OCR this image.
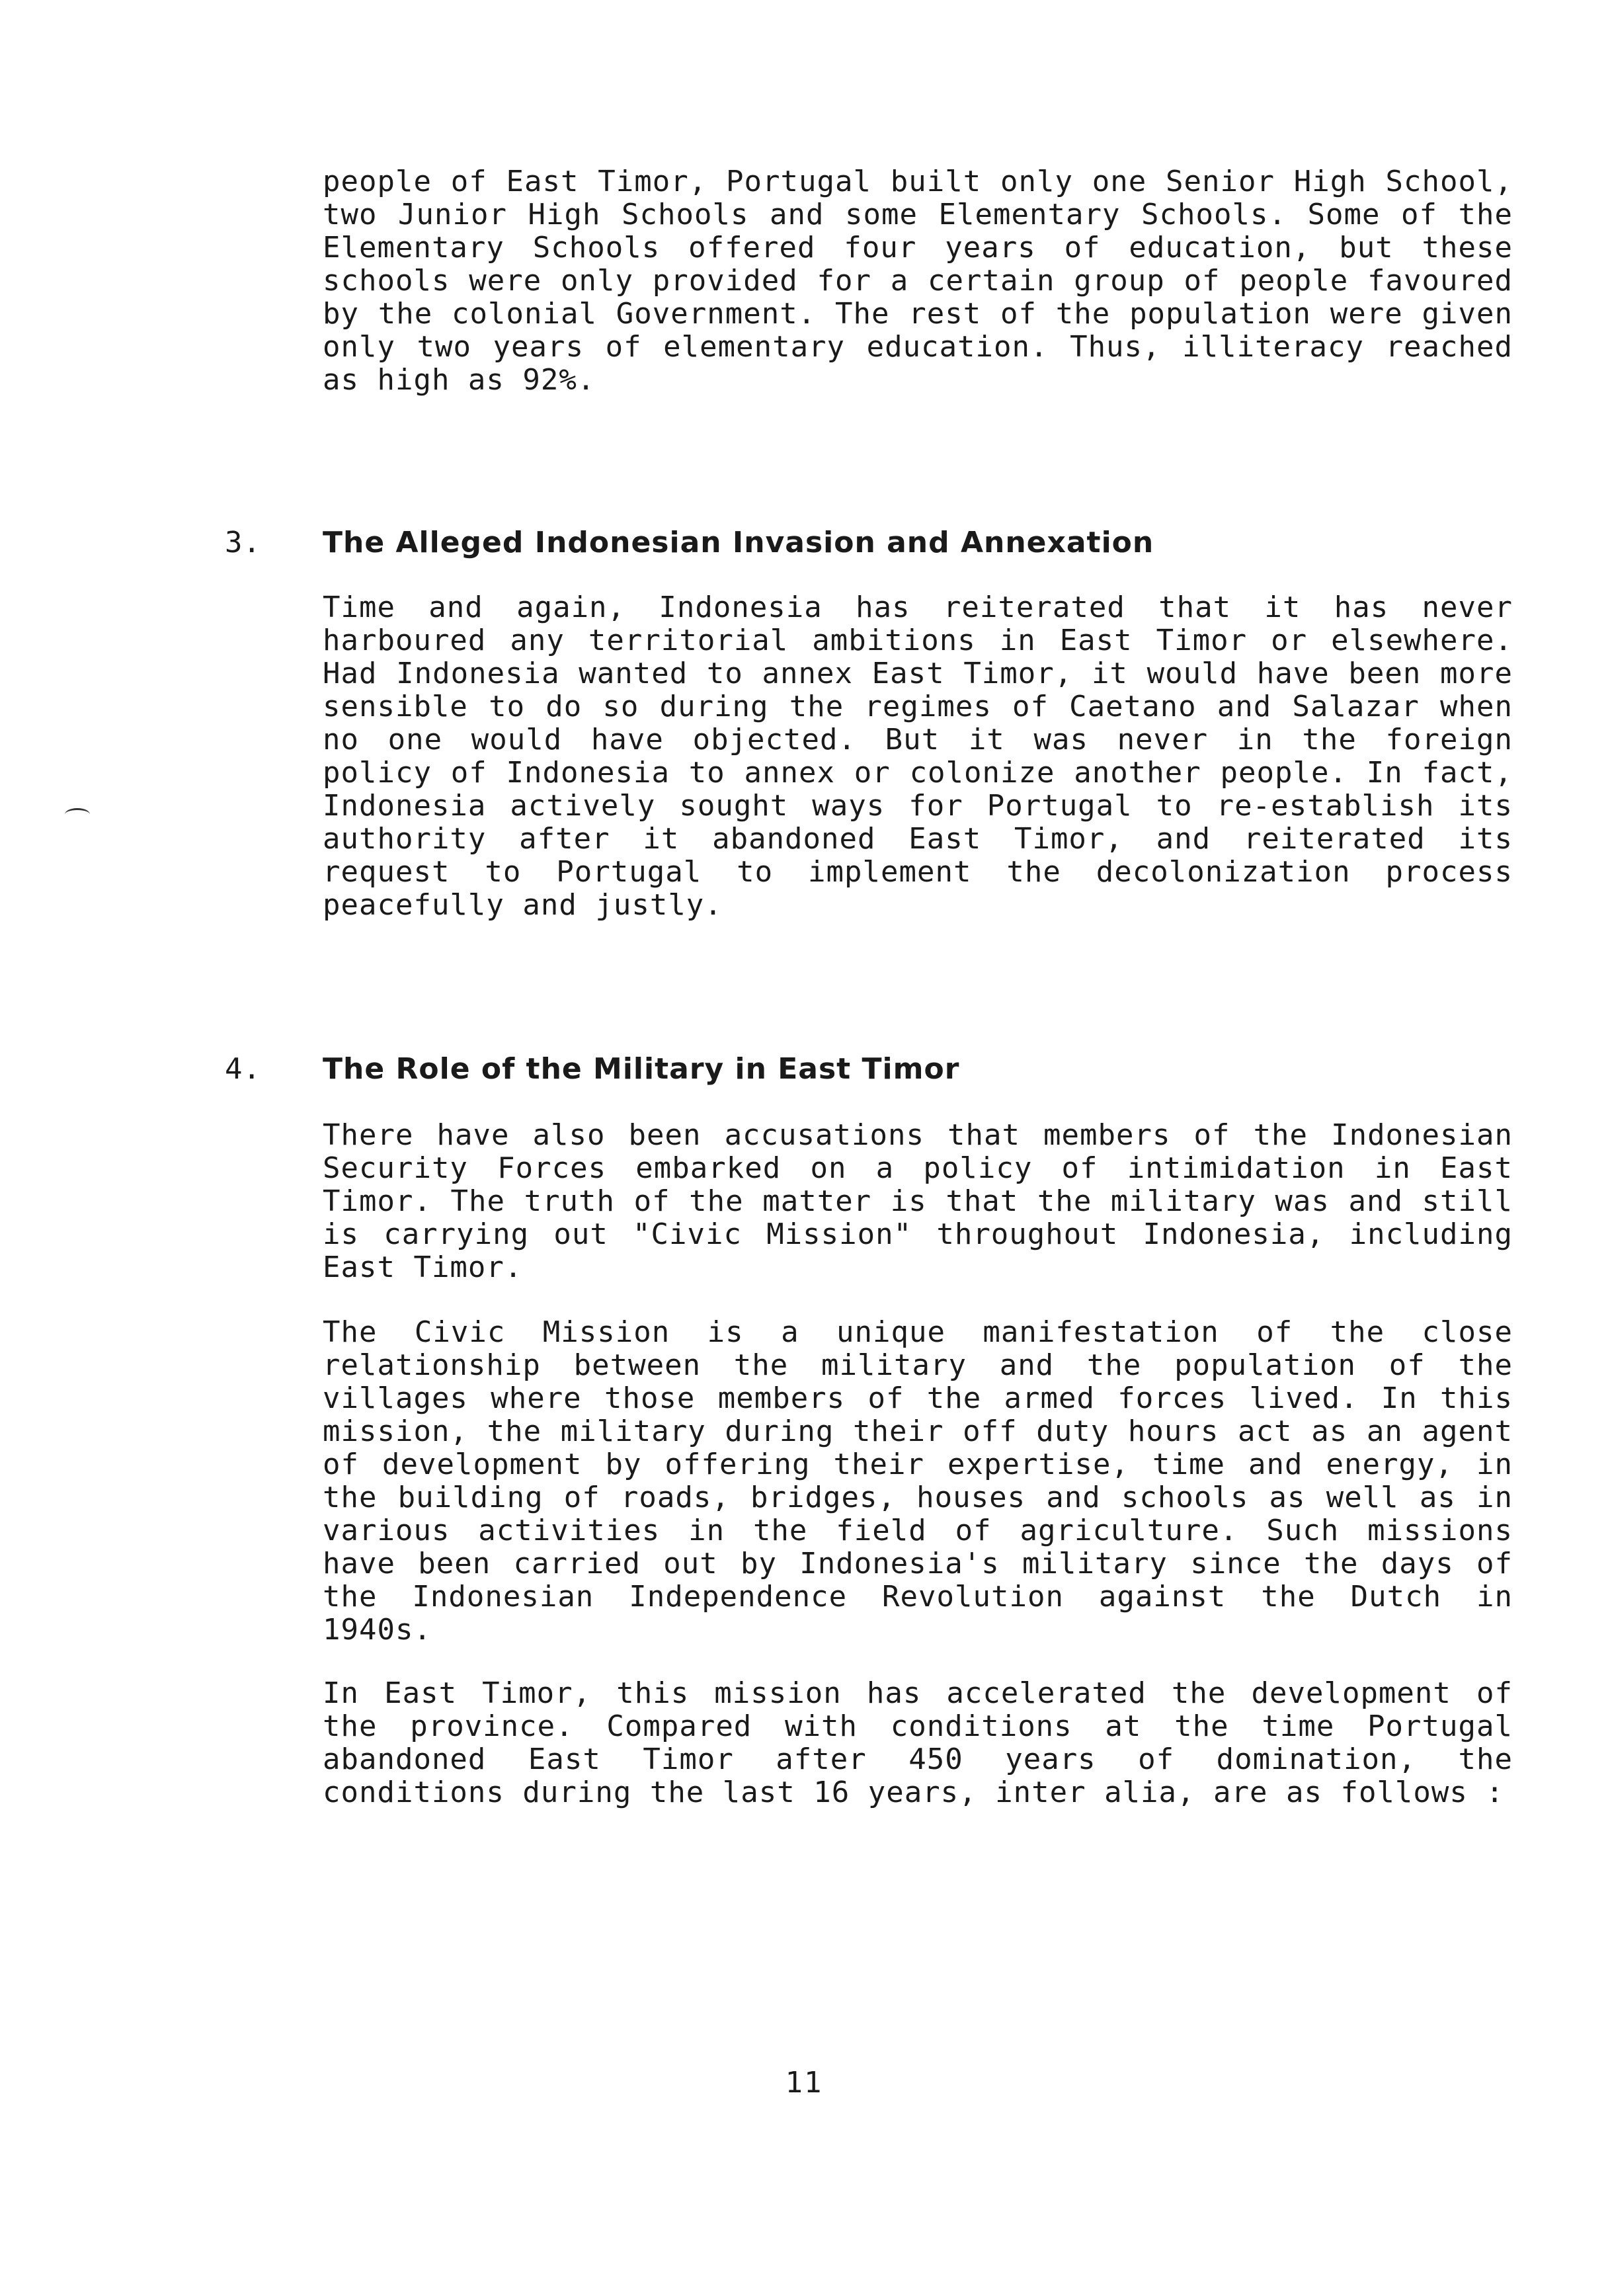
people of East Timor, Portugal built only one Senior High School, two Junior High Schools and some Elementary Schools. Some of the Elementary Schools offered four years of education, but these schools were only provided for a certain group of people favoured by the colonial Government. The rest of the population were given only two years of elementary education. Thus, illiteracy reached as high as 92%.

3. The Alleged Indonesian Invasion and Annexation

Time and again, Indonesia has reiterated that it has never harboured any territorial ambitions in East Timor or elsewhere. Had Indonesia wanted to annex East Timor, it would have been more sensible to do so during the regimes of Caetano and Salazar when no one would have objected. But it was never in the foreign policy of Indonesia to annex or colonize another people. In fact, Indonesia actively sought ways for Portugal to re-establish its authority after it abandoned East Timor, and reiterated its request to Portugal to implement the decolonization process peacefully and justly.

4. The Role of the Military in East Timor

There have also been accusations that members of the Indonesian Security Forces embarked on a policy of intimidation in East Timor. The truth of the matter is that the military was and still is carrying out "Civic Mission" throughout Indonesia, including East Timor.

The Civic Mission is a unique manifestation of the close relationship between the military and the population of the villages where those members of the armed forces lived. In this mission, the military during their off duty hours act as an agent of development by offering their expertise, time and energy, in the building of roads, bridges, houses and schools as well as in various activities in the field of agriculture. Such missions have been carried out by Indonesia's military since the days of the Indonesian Independence Revolution against the Dutch in 1940s.

In East Timor, this mission has accelerated the development of the province. Compared with conditions at the time Portugal abandoned East Timor after 450 years of domination, the conditions during the last 16 years, inter alia, are as follows :

11
